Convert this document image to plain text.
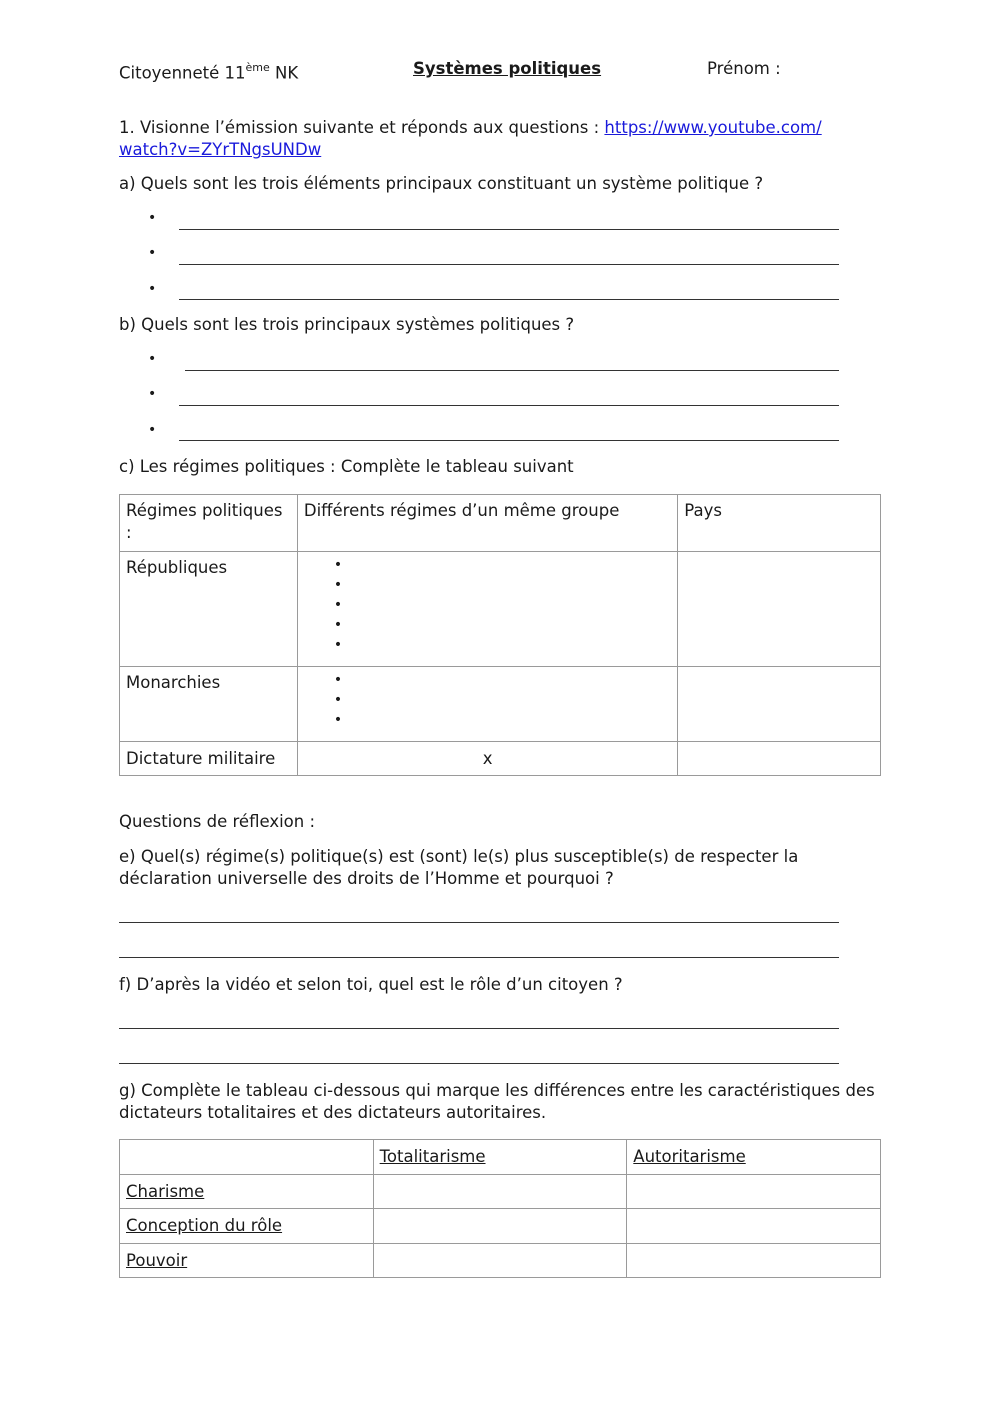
Citoyenneté 11ème NK	Systèmes politiques	Prénom :
1. Visionne l’émission suivante et réponds aux questions : https://www.youtube.com/
watch?v=ZYrTNgsUNDw
a) Quels sont les trois éléments principaux constituant un système politique ?
•
•
•
b) Quels sont les trois principaux systèmes politiques ?
•
•
•
c) Les régimes politiques : Complète le tableau suivant
Régimes politiques :	Différents régimes d’un même groupe	Pays
Républiques	•
•
•
•
•

Monarchies	•
•
•

Dictature militaire	x	
Questions de réflexion :
e) Quel(s) régime(s) politique(s) est (sont) le(s) plus susceptible(s) de respecter la
déclaration universelle des droits de l’Homme et pourquoi ?
f) D’après la vidéo et selon toi, quel est le rôle d’un citoyen ?
g) Complète le tableau ci-dessous qui marque les différences entre les caractéristiques des
dictateurs totalitaires et des dictateurs autoritaires.
	Totalitarisme	Autoritarisme
Charisme		
Conception du rôle		
Pouvoir		
